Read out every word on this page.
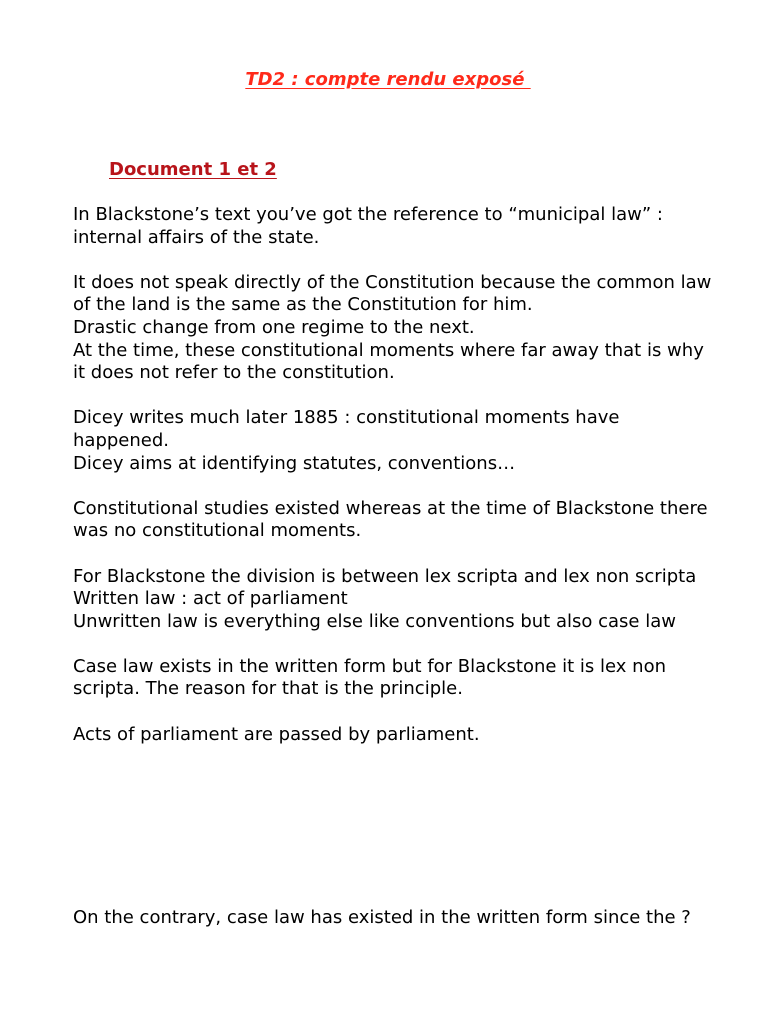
TD2 : compte rendu exposé
Document 1 et 2

In Blackstone’s text you’ve got the reference to “municipal law” : internal affairs of the state.

It does not speak directly of the Constitution because the common law of the land is the same as the Constitution for him.

Drastic change from one regime to the next.

At the time, these constitutional moments where far away that is why it does not refer to the constitution.

Dicey writes much later 1885 : constitutional moments have happened.

Dicey aims at identifying statutes, conventions…

Constitutional studies existed whereas at the time of Blackstone there was no constitutional moments.

For Blackstone the division is between lex scripta and lex non scripta

Written law : act of parliament

Unwritten law is everything else like conventions but also case law

Case law exists in the written form but for Blackstone it is lex non scripta. The reason for that is the principle.

Acts of parliament are passed by parliament.

On the contrary, case law has existed in the written form since the ?
